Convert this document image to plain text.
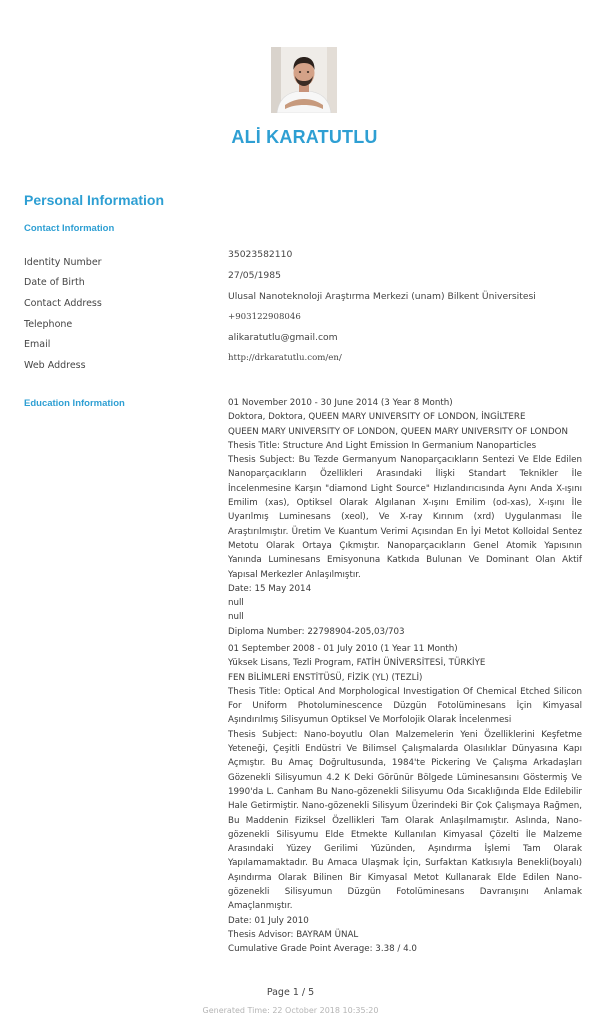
ALİ KARATUTLU
Personal Information
Contact Information
Identity Number
Date of Birth
Contact Address
Telephone
Email
Web Address
35023582110
27/05/1985
Ulusal Nanoteknoloji Araştırma Merkezi (unam) Bilkent Üniversitesi
+903122908046
alikaratutlu@gmail.com
http://drkaratutlu.com/en/
Education Information	01 November 2010 - 30 June 2014 (3 Year 8 Month)
Doktora, Doktora, QUEEN MARY UNIVERSITY OF LONDON, İNGİLTERE
QUEEN MARY UNIVERSITY OF LONDON, QUEEN MARY UNIVERSITY OF LONDON
Thesis Title: Structure And Light Emission In Germanium Nanoparticles
Thesis Subject: Bu Tezde Germanyum Nanoparçacıkların Sentezi Ve Elde Edilen Nanoparçacıkların Özellikleri Arasındaki İlişki Standart Teknikler İle İncelenmesine Karşın "diamond Light Source" Hızlandırıcısında Aynı Anda X-ışını Emilim (xas), Optiksel Olarak Algılanan X-ışını Emilim (od-xas), X-ışını İle Uyarılmış Luminesans (xeol), Ve X-ray Kırınım (xrd) Uygulanması İle Araştırılmıştır. Üretim Ve Kuantum Verimi Açısından En İyi Metot Kolloidal Sentez Metotu Olarak Ortaya Çıkmıştır. Nanoparçacıkların Genel Atomik Yapısının Yanında Luminesans Emisyonuna Katkıda Bulunan Ve Dominant Olan Aktif Yapısal Merkezler Anlaşılmıştır.
Date: 15 May 2014
null
null
Diploma Number: 22798904-205,03/703
01 September 2008 - 01 July 2010 (1 Year 11 Month)
Yüksek Lisans, Tezli Program, FATİH ÜNİVERSİTESİ, TÜRKİYE
FEN BİLİMLERİ ENSTİTÜSÜ, FİZİK (YL) (TEZLİ)
Thesis Title: Optical And Morphological Investigation Of Chemical Etched Silicon For Uniform Photoluminescence Düzgün Fotolüminesans İçin Kimyasal Aşındırılmış Silisyumun Optiksel Ve Morfolojik Olarak İncelenmesi
Thesis Subject: Nano-boyutlu Olan Malzemelerin Yeni Özelliklerini Keşfetme Yeteneği, Çeşitli Endüstri Ve Bilimsel Çalışmalarda Olasılıklar Dünyasına Kapı Açmıştır. Bu Amaç Doğrultusunda, 1984'te Pickering Ve Çalışma Arkadaşları Gözenekli Silisyumun 4.2 K Deki Görünür Bölgede Lüminesansını Göstermiş Ve 1990'da L. Canham Bu Nano-gözenekli Silisyumu Oda Sıcaklığında Elde Edilebilir Hale Getirmiştir. Nano-gözenekli Silisyum Üzerindeki Bir Çok Çalışmaya Rağmen, Bu Maddenin Fiziksel Özellikleri Tam Olarak Anlaşılmamıştır. Aslında, Nano-gözenekli Silisyumu Elde Etmekte Kullanılan Kimyasal Çözelti İle Malzeme Arasındaki Yüzey Gerilimi Yüzünden, Aşındırma İşlemi Tam Olarak Yapılamamaktadır. Bu Amaca Ulaşmak İçin, Surfaktan Katkısıyla Benekli(boyalı) Aşındırma Olarak Bilinen Bir Kimyasal Metot Kullanarak Elde Edilen Nano-gözenekli Silisyumun Düzgün Fotolüminesans Davranışını Anlamak Amaçlanmıştır.
Date: 01 July 2010
Thesis Advisor: BAYRAM ÜNAL
Cumulative Grade Point Average: 3.38 / 4.0
Page 1 / 5
Generated Time: 22 October 2018 10:35:20
